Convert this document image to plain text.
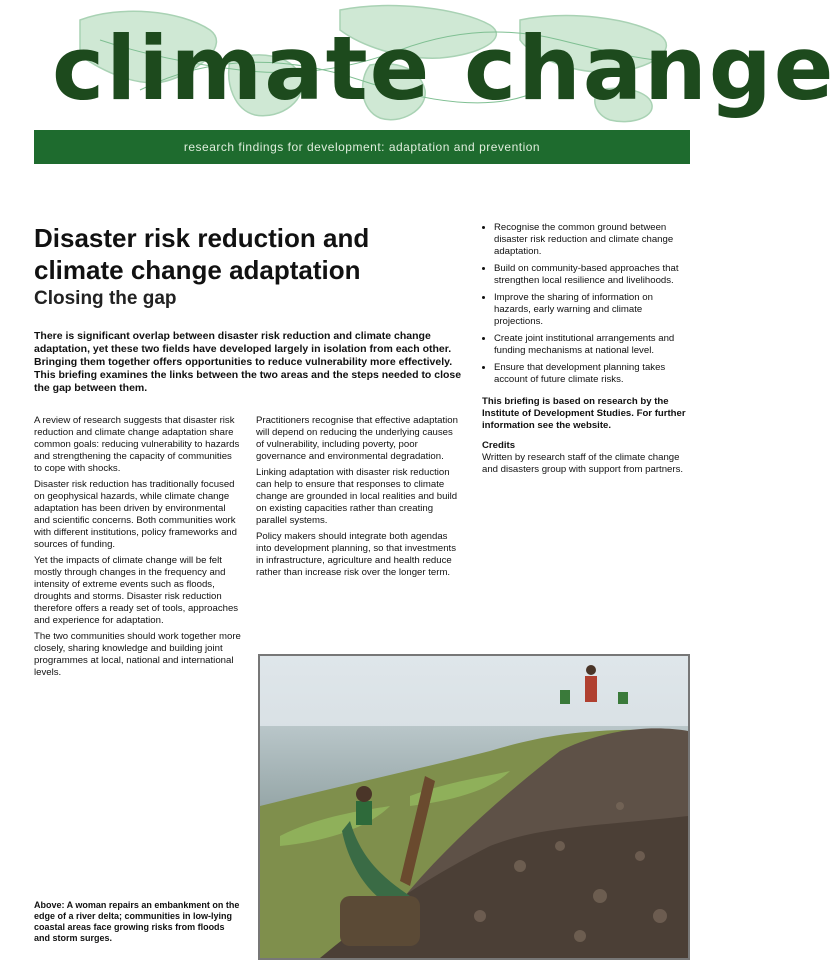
climate change
research findings for development: adaptation and prevention
Disaster risk reduction and climate change adaptation
Closing the gap
There is significant overlap between disaster risk reduction and climate change adaptation, yet these two fields have developed largely in isolation from each other. Bringing them together offers opportunities to reduce vulnerability more effectively. This briefing examines the links between the two areas and the steps needed to close the gap between them.

A review of research suggests that disaster risk reduction and climate change adaptation share common goals: reducing vulnerability to hazards and strengthening the capacity of communities to cope with shocks.

Disaster risk reduction has traditionally focused on geophysical hazards, while climate change adaptation has been driven by environmental and scientific concerns. Both communities work with different institutions, policy frameworks and sources of funding.

Yet the impacts of climate change will be felt mostly through changes in the frequency and intensity of extreme events such as floods, droughts and storms. Disaster risk reduction therefore offers a ready set of tools, approaches and experience for adaptation.

The two communities should work together more closely, sharing knowledge and building joint programmes at local, national and international levels.

Practitioners recognise that effective adaptation will depend on reducing the underlying causes of vulnerability, including poverty, poor governance and environmental degradation.

Linking adaptation with disaster risk reduction can help to ensure that responses to climate change are grounded in local realities and build on existing capacities rather than creating parallel systems.

Policy makers should integrate both agendas into development planning, so that investments in infrastructure, agriculture and health reduce rather than increase risk over the longer term.

• Recognise the common ground between disaster risk reduction and climate change adaptation.
• Build on community-based approaches that strengthen local resilience and livelihoods.
• Improve the sharing of information on hazards, early warning and climate projections.
• Create joint institutional arrangements and funding mechanisms at national level.
• Ensure that development planning takes account of future climate risks.
This briefing is based on research by the Institute of Development Studies. For further information see the website.
Credits
Written by research staff of the climate change and disasters group with support from partners.
Above: A woman repairs an embankment on the edge of a river delta; communities in low-lying coastal areas face growing risks from floods and storm surges.
